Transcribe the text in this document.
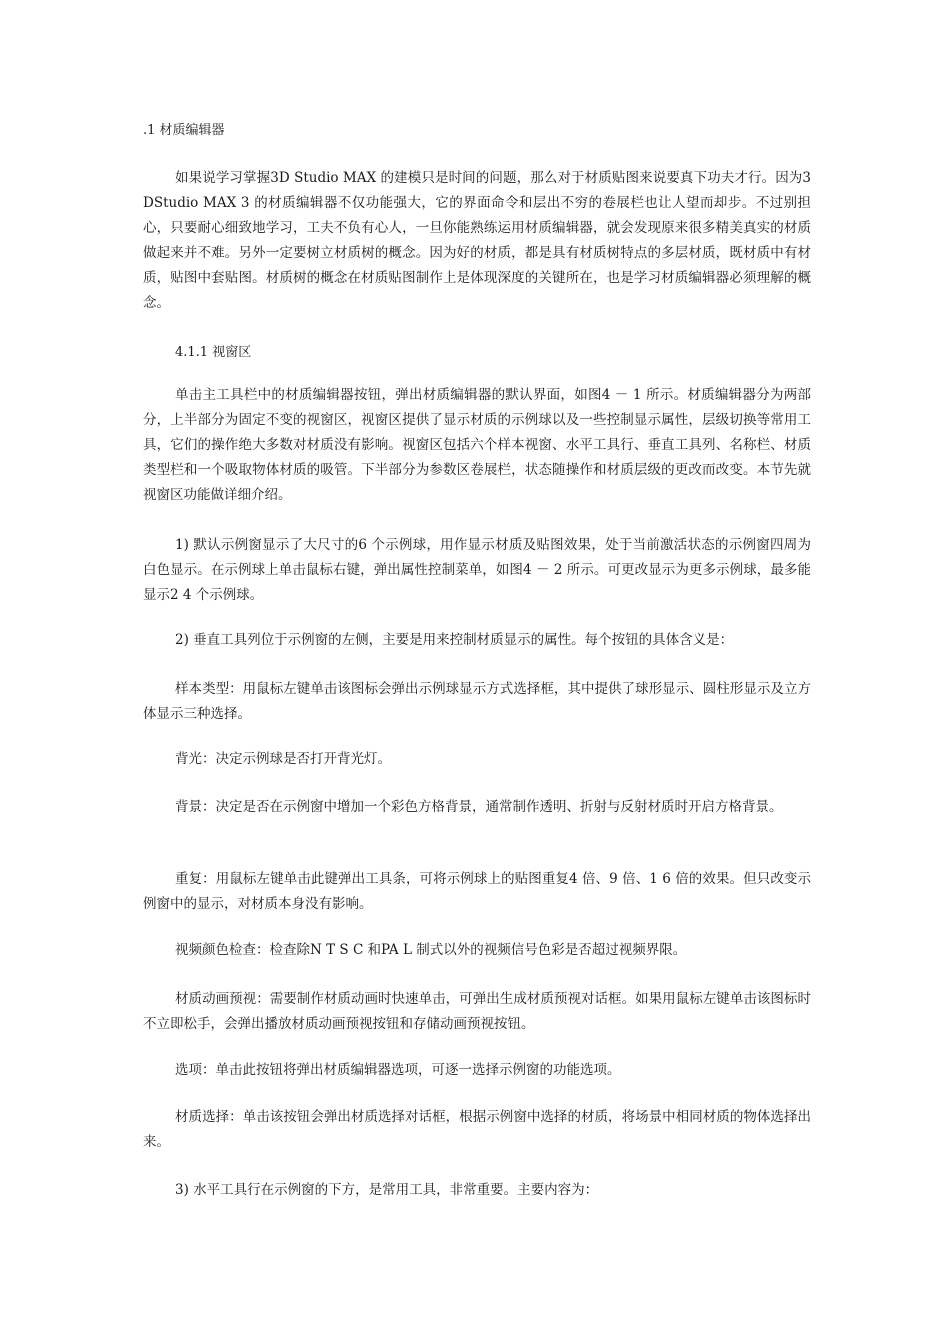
.1 材质编辑器

如果说学习掌握3D Studio MAX 的建模只是时间的问题，那么对于材质贴图来说要真下功夫才行。因为3 DStudio MAX 3 的材质编辑器不仅功能强大，它的界面命令和层出不穷的卷展栏也让人望而却步。不过别担心，只要耐心细致地学习，工夫不负有心人，一旦你能熟练运用材质编辑器，就会发现原来很多精美真实的材质做起来并不难。另外一定要树立材质树的概念。因为好的材质，都是具有材质树特点的多层材质，既材质中有材质，贴图中套贴图。材质树的概念在材质贴图制作上是体现深度的关键所在，也是学习材质编辑器必须理解的概念。

4.1.1 视窗区

单击主工具栏中的材质编辑器按钮，弹出材质编辑器的默认界面，如图4 － 1 所示。材质编辑器分为两部分，上半部分为固定不变的视窗区，视窗区提供了显示材质的示例球以及一些控制显示属性，层级切换等常用工具，它们的操作绝大多数对材质没有影响。视窗区包括六个样本视窗、水平工具行、垂直工具列、名称栏、材质类型栏和一个吸取物体材质的吸管。下半部分为参数区卷展栏，状态随操作和材质层级的更改而改变。本节先就视窗区功能做详细介绍。

1) 默认示例窗显示了大尺寸的6 个示例球，用作显示材质及贴图效果，处于当前激活状态的示例窗四周为白色显示。在示例球上单击鼠标右键，弹出属性控制菜单，如图4 － 2 所示。可更改显示为更多示例球，最多能显示2 4 个示例球。

2) 垂直工具列位于示例窗的左侧，主要是用来控制材质显示的属性。每个按钮的具体含义是：

样本类型：用鼠标左键单击该图标会弹出示例球显示方式选择框，其中提供了球形显示、圆柱形显示及立方体显示三种选择。

背光：决定示例球是否打开背光灯。

背景：决定是否在示例窗中增加一个彩色方格背景，通常制作透明、折射与反射材质时开启方格背景。

重复：用鼠标左键单击此键弹出工具条，可将示例球上的贴图重复4 倍、9 倍、1 6 倍的效果。但只改变示例窗中的显示，对材质本身没有影响。

视频颜色检查：检查除N T S C 和PA L 制式以外的视频信号色彩是否超过视频界限。

材质动画预视：需要制作材质动画时快速单击，可弹出生成材质预视对话框。如果用鼠标左键单击该图标时不立即松手，会弹出播放材质动画预视按钮和存储动画预视按钮。

选项：单击此按钮将弹出材质编辑器选项，可逐一选择示例窗的功能选项。

材质选择：单击该按钮会弹出材质选择对话框，根据示例窗中选择的材质，将场景中相同材质的物体选择出来。

3) 水平工具行在示例窗的下方，是常用工具，非常重要。主要内容为：
